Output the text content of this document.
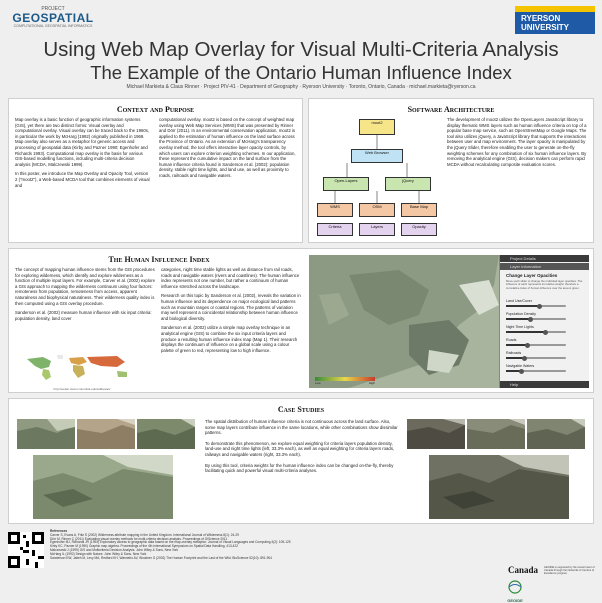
PROJECT
GEOSPATIAL
COMPUTATIONAL GEOSPATIAL INFORMATICS
RYERSON
UNIVERSITY
Using Web Map Overlay for Visual Multi-Criteria Analysis
The Example of the Ontario Human Influence Index
Michael Markieta & Claus Rinner · Project PIV-41 · Department of Geography · Ryerson University · Toronto, Ontario, Canada · michael.markieta@ryerson.ca
Context and Purpose
Map overlay is a basic function of geographic information systems (GIS), yet there are two distinct forms: Visual overlay and computational overlay. Visual overlay can be traced back to the 1960s, in particular the work by McHarg (1992) originally published in 1969. Map overlay also serves as a metaphor for generic access and processing of geospatial data (Kirby and Pazner 1990; Egenhofer and Richards 1993). Computational map overlay is the basis for various GIS-based modelling functions, including multi-criteria decision analysis (MCDA, Malczewski 1999).
In this poster, we introduce the Map Overlay and Opacity Tool, version 2 ("moot2"), a Web-based MCDA tool that combines elements of visual and
computational overlay. moot2 is based on the concept of weighted map overlay using Web Map Services (WMS) that was presented by Rinner and Dörr (2011). In an environmental conservation application, moot2 is applied to the estimation of human influence on the land surface across the Province of Ontario. As an extension of McHarg's transparency overlay method, the tool offers interactive layer opacity controls, by which users can explore criterion weighting schemes. In our application, these represent the cumulative impact on the land surface from the human influence criteria found in Sanderson et al. (2002): population density, stable night time lights, and land use, as well as proximity to roads, railroads and navigable waters.
Software Architecture
moot2
Web Browser
Open-Layers	jQuery
WMS	OSM	Base Map
Criteria	Layers	Opacity
The development of moot2 utilizes the OpenLayers JavaScript library to display thematic WMS layers such as human influence criteria on top of a popular base map service, such as OpenStreetMap or Google Maps. The tool also utilizes jQuery, a JavaScript library that supports the interactions between user and map environment. The layer opacity is manipulated by the jQuery Slider, therefore enabling the user to generate on-the-fly weighting schemes for any combination of six human influence layers. By removing the analytical engine (GIS), decision makers can perform rapid MCDA without recalculating composite evaluation scores.
The Human Influence Index
The concept of mapping human influence stems from the GIS procedures for exploring wilderness, which identify and explore wilderness as a function of multiple input layers. For example, Carver et al. (2002) explore a GIS approach to mapping the wilderness continuum using four factors: remoteness from population, remoteness from access, apparent naturalness and biophysical naturalness. Their wilderness quality index is then computed using a GIS overlay procedure.
Sanderson et al. (2002) measure human influence with six input criteria: population density, land cover
http://sedac.ciesin.columbia.edu/wildareas/
categories, night time stable lights as well as distance from rail roads, roads and navigable waters (rivers and coastlines). The human influence index represents not one number, but rather a continuum of human influence stretched across the landscape.
Research on this topic by Sanderson et al. (2002), reveals the variation in human influence and its dependence on major ecological land patterns such as mountain ranges or coastal regions. The patterns of variation may well represent a coincidental relationship between human influence and biological diversity.
Sanderson et al. (2002) utilize a simple map overlay technique in an analytical engine (GIS) to combine the six input criteria layers and produce a resulting human influence index map (Map 1). Their research displays the continuum of influence on a global scale using a colour palette of green to red, representing low to high influence.
Project Details
Layer Information
Change Layer Opacities
Move each slider to change the individual layer opacities. The influence of each represents its relative weight; therefore a cumulative index of human influence over the area is given.
Land Use/Cover
Population Density
Night Time Lights
Roads
Railroads
Navigable Waters
Help
Low	High
Case Studies
The spatial distribution of human influence criteria is not continuous across the land surface. Also, some map layers contribute influence in the same locations, while other combinations show dissimilar patterns.
To demonstrate this phenomenon, we explore equal weighting for criteria layers population density, land-use and night time lights (left, 33.3% each), as well as equal weighting for criteria layers roads, railways and navigable waters (right, 33.3% each).
By using this tool, criteria weights for the human influence index can be changed on-the-fly, thereby facilitating quick and powerful visual multi-criteria analyses.
References
Carver S, Evans A, Fritz S (2002) Wilderness attribute mapping in the United Kingdom. International Journal of Wilderness 8(1): 24-29
Dörr M, Rinner C (2011) Evaluating visual overlay methods for multi-criteria decision analysis. Proceedings of GIScience 2011
Egenhofer MJ, Richards JR (1993) Exploratory access to geographic data based on the map-overlay metaphor. Journal of Visual Languages and Computing 4(2): 105-125
Kirby KC, Pazner M (1990) Graphic map algebra. Proceedings of the 4th International Symposium on Spatial Data Handling, 413-422
Malczewski J (1999) GIS and Multicriteria Decision Analysis. John Wiley & Sons, New York
McHarg IL (1992) Design with Nature. John Wiley & Sons, New York
Sanderson EW, Jaiteh M, Levy MA, Redford KH, Wannebo AV, Woolmer G (2002) The Human Footprint and the Last of the Wild. BioScience 52(10): 891-904
Canada GEOIDE is supported by the Government of Canada through the Networks of Centres of Excellence program.
GEOIDE
